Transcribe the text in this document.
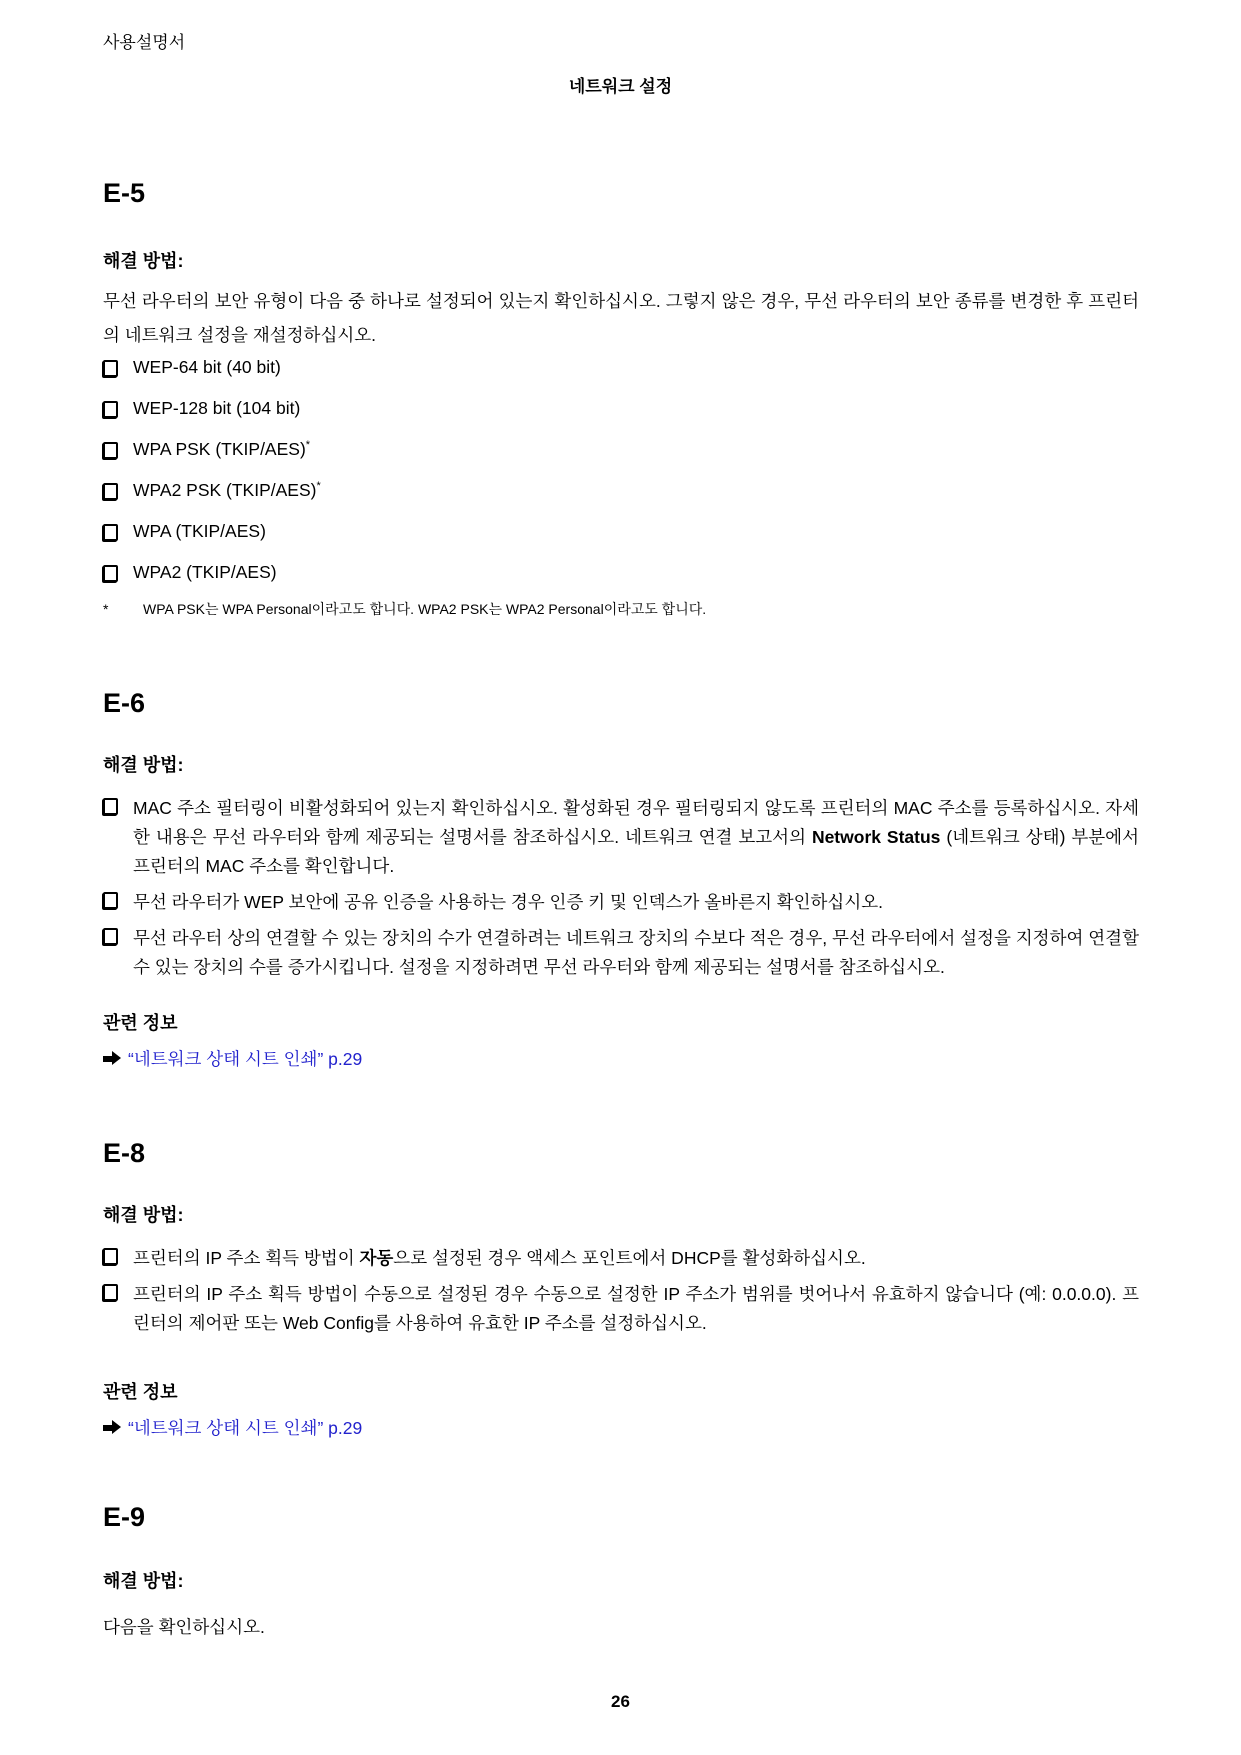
사용설명서
네트워크 설정
E-5
해결 방법:

무선 라우터의 보안 유형이 다음 중 하나로 설정되어 있는지 확인하십시오. 그렇지 않은 경우, 무선 라우터의 보안 종류를 변경한 후 프린터의 네트워크 설정을 재설정하십시오.

WEP-64 bit (40 bit)
WEP-128 bit (104 bit)
WPA PSK (TKIP/AES)*
WPA2 PSK (TKIP/AES)*
WPA (TKIP/AES)
WPA2 (TKIP/AES)
*	WPA PSK는 WPA Personal이라고도 합니다. WPA2 PSK는 WPA2 Personal이라고도 합니다.
E-6
해결 방법:
MAC 주소 필터링이 비활성화되어 있는지 확인하십시오. 활성화된 경우 필터링되지 않도록 프린터의 MAC 주소를 등록하십시오. 자세한 내용은 무선 라우터와 함께 제공되는 설명서를 참조하십시오. 네트워크 연결 보고서의 Network Status (네트워크 상태) 부분에서 프린터의 MAC 주소를 확인합니다.
무선 라우터가 WEP 보안에 공유 인증을 사용하는 경우 인증 키 및 인덱스가 올바른지 확인하십시오.
무선 라우터 상의 연결할 수 있는 장치의 수가 연결하려는 네트워크 장치의 수보다 적은 경우, 무선 라우터에서 설정을 지정하여 연결할 수 있는 장치의 수를 증가시킵니다. 설정을 지정하려면 무선 라우터와 함께 제공되는 설명서를 참조하십시오.
관련 정보
“네트워크 상태 시트 인쇄” p.29
E-8
해결 방법:
프린터의 IP 주소 획득 방법이 자동으로 설정된 경우 액세스 포인트에서 DHCP를 활성화하십시오.
프린터의 IP 주소 획득 방법이 수동으로 설정된 경우 수동으로 설정한 IP 주소가 범위를 벗어나서 유효하지 않습니다 (예: 0.0.0.0). 프린터의 제어판 또는 Web Config를 사용하여 유효한 IP 주소를 설정하십시오.
관련 정보
“네트워크 상태 시트 인쇄” p.29
E-9
해결 방법:

다음을 확인하십시오.

26
